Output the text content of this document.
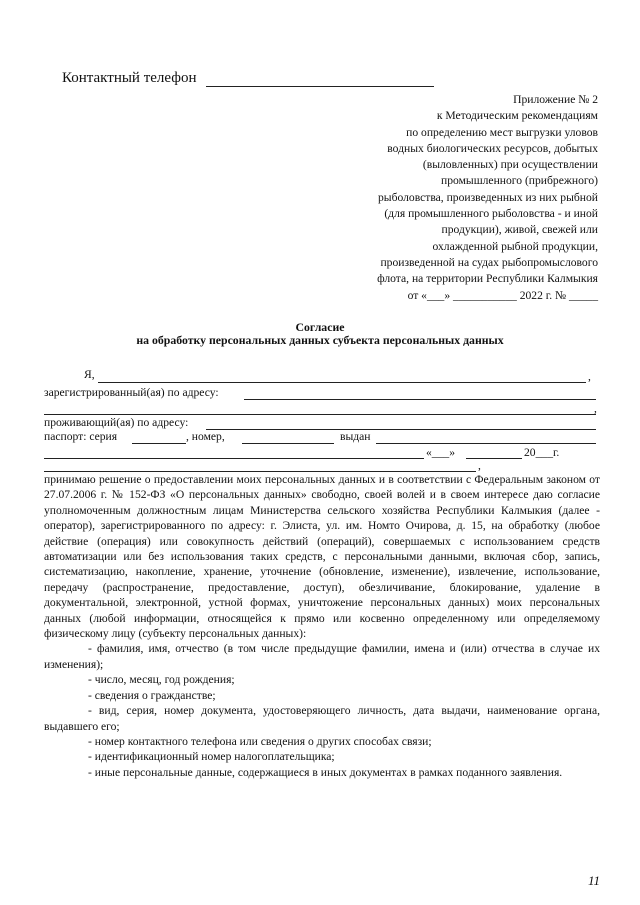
Контактный телефон
Приложение № 2
к Методическим рекомендациям
по определению мест выгрузки уловов
водных биологических ресурсов, добытых
(выловленных) при осуществлении
промышленного (прибрежного)
рыболовства, произведенных из них рыбной
(для промышленного рыболовства - и иной
продукции), живой, свежей или
охлажденной рыбной продукции,
произведенной на судах рыбопромыслового
флота, на территории Республики Калмыкия
от «___» ___________ 2022 г. № _____
Согласие
на обработку персональных данных субъекта персональных данных
Я,	,
зарегистрированный(ая) по адресу:
,
проживающий(ая) по адресу:
паспорт: серия	, номер,	выдан
«___»	20___г.
,

принимаю решение о предоставлении моих персональных данных и в соответствии с Федеральным законом от 27.07.2006 г. № 152-ФЗ «О персональных данных» свободно, своей волей и в своем интересе даю согласие уполномоченным должностным лицам Министерства сельского хозяйства Республики Калмыкия (далее - оператор), зарегистрированного по адресу: г. Элиста, ул. им. Номто Очирова, д. 15, на обработку (любое действие (операция) или совокупность действий (операций), совершаемых с использованием средств автоматизации или без использования таких средств, с персональными данными, включая сбор, запись, систематизацию, накопление, хранение, уточнение (обновление, изменение), извлечение, использование, передачу (распространение, предоставление, доступ), обезличивание, блокирование, удаление в документальной, электронной, устной формах, уничтожение персональных данных) моих персональных данных (любой информации, относящейся к прямо или косвенно определенному или определяемому физическому лицу (субъекту персональных данных):

- фамилия, имя, отчество (в том числе предыдущие фамилии, имена и (или) отчества в случае их изменения);

- число, месяц, год рождения;

- сведения о гражданстве;

- вид, серия, номер документа, удостоверяющего личность, дата выдачи, наименование органа, выдавшего его;

- номер контактного телефона или сведения о других способах связи;

- идентификационный номер налогоплательщика;

- иные персональные данные, содержащиеся в иных документах в рамках поданного заявления.

11
